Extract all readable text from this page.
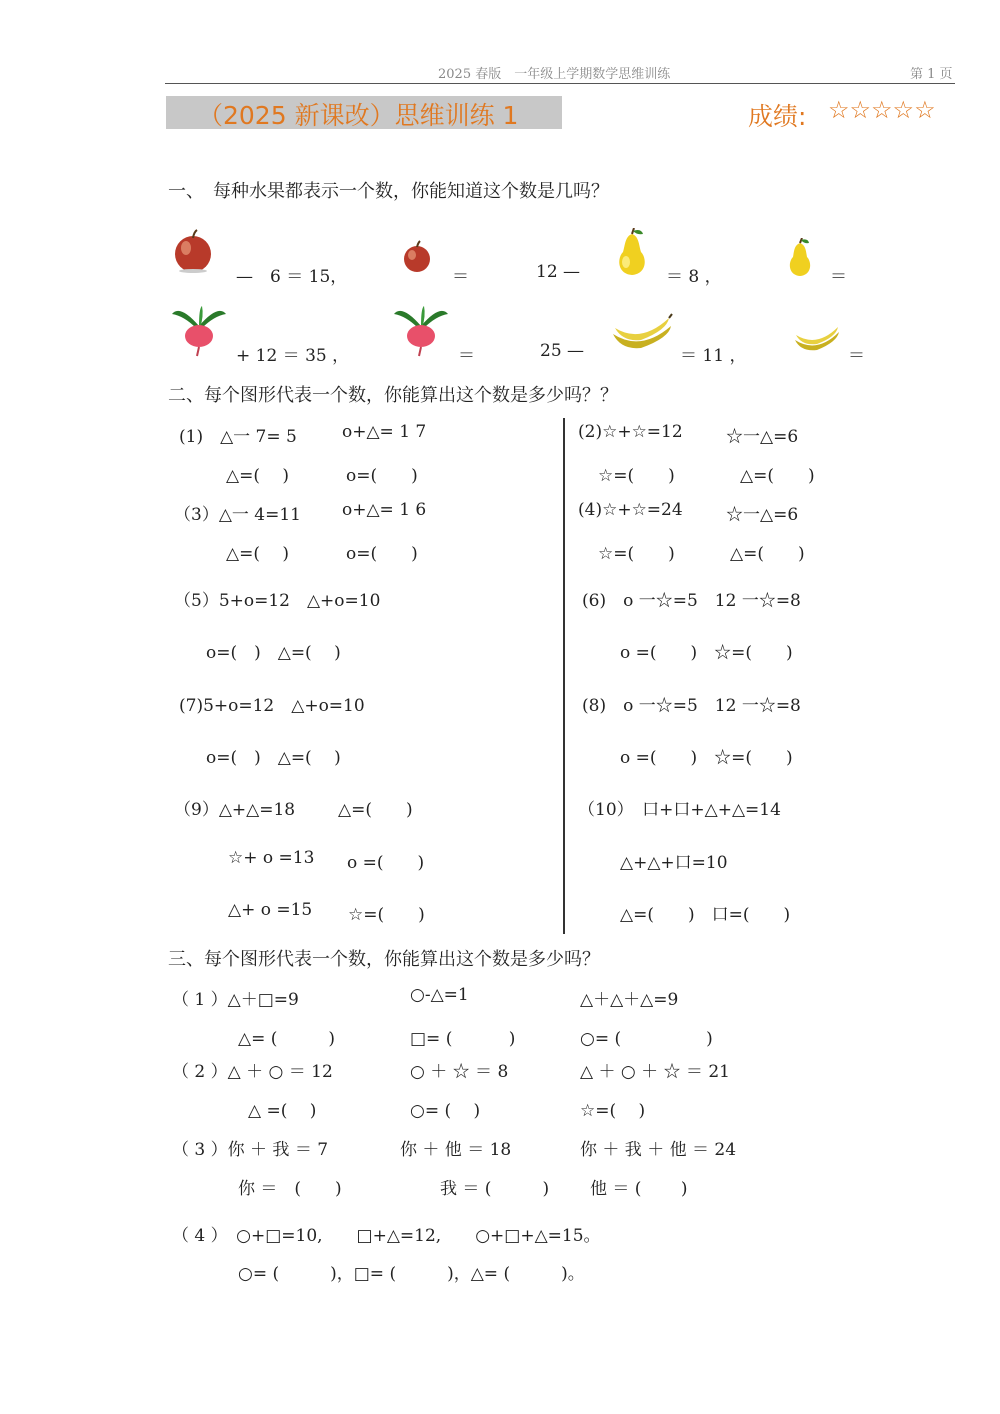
2025 春版　一年级上学期数学思维训练	第 1 页
（2025 新课改）思维训练 1	成绩: ☆☆☆☆☆
一、　每种水果都表示一个数，你能知道这个数是几吗？
—　6 ＝ 15，	＝	12 —	＝ 8 ，	＝
+ 12 ＝ 35 ，	＝	25 —	＝ 11 ，	＝
二、每个图形代表一个数，你能算出这个数是多少吗？？
(1)　△一 7= 5	o+△= 1 7
△=(　 )	o=(　　)
（3）△一 4=11 o+△= 1 6
△=(　 )	o=(　　)
（5）5+o=12　△+o=10
o=(　)　△=(　 )
(7)5+o=12　△+o=10
o=(　)　△=(　 )
（9）△+△=18	△=(　　)
☆+ o =13 o =(　　)
△+ o =15 ☆=(　　)
(2)☆+☆=12	☆一△=6
☆=(　　)	△=(　　)
(4)☆+☆=24	☆一△=6
☆=(　　)	△=(　　)
(6)　o 一☆=5　12 一☆=8
o =(　　)　☆=(　　)
(8)　o 一☆=5　12 一☆=8
o =(　　)　☆=(　　)
（10）　口+口+△+△=14
△+△+口=10
△=(　　)　口=(　　)
三、每个图形代表一个数，你能算出这个数是多少吗？
（ 1 ）△＋□=9	○-△=1	△＋△＋△=9
△= (　　　)	□= (　　　 )	○= (　　　　　)
（ 2 ）△ ＋ ○ ＝ 12	○ ＋ ☆ ＝ 8	△ ＋ ○ ＋ ☆ ＝ 21
△ =(　 )	○= (　 )	☆=(　 )
（ 3 ）你 ＋ 我 ＝ 7	你 ＋ 他 ＝ 18	你 ＋ 我 ＋ 他 ＝ 24
你 ＝　(　　)	我 ＝ (　　　) 他 ＝ (　　 )
（ 4 ）　○+□=10,　　□+△=12,　　○+□+△=15。
○= (　　　)，□= (　　　)，△= (　　　)。
